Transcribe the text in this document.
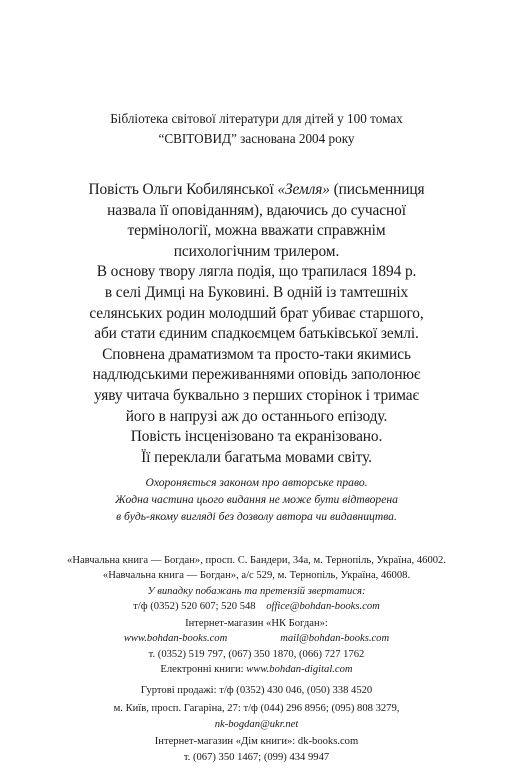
Бібліотека світової літератури для дітей у 100 томах
“СВІТОВИД” заснована 2004 року
Повість Ольги Кобилянської «Земля» (письменниця
назвала її оповіданням), вдаючись до сучасної
термінології, можна вважати справжнім
психологічним трилером.
В основу твору лягла подія, що трапилася 1894 р.
в селі Димці на Буковині. В одній із тамтешніх
селянських родин молодший брат убиває старшого,
аби стати єдиним спадкоємцем батьківської землі.
Сповнена драматизмом та просто-таки якимись
надлюдськими переживаннями оповідь заполонює
уяву читача буквально з перших сторінок і тримає
його в напрузі аж до останнього епізоду.
Повість інсценізовано та екранізовано.
Її переклали багатьма мовами світу.
Охороняється законом про авторське право.
Жодна частина цього видання не може бути відтворена
в будь-якому вигляді без дозволу автора чи видавництва.
«Навчальна книга — Богдан», просп. С. Бандери, 34а, м. Тернопіль, Україна, 46002.
«Навчальна книга — Богдан», а/с 529, м. Тернопіль, Україна, 46008.
У випадку побажань та претензій звертатися:
т/ф (0352) 520 607; 520 548    office@bohdan-books.com
Інтернет-магазин «НК Богдан»:
www.bohdan-books.com                    mail@bohdan-books.com
т. (0352) 519 797, (067) 350 1870, (066) 727 1762
Електронні книги: www.bohdan-digital.com
Гуртові продажі: т/ф (0352) 430 046, (050) 338 4520
м. Київ, просп. Гагаріна, 27: т/ф (044) 296 8956; (095) 808 3279,
nk-bogdan@ukr.net
Інтернет-магазин «Дім книги»: dk-books.com
т. (067) 350 1467; (099) 434 9947
